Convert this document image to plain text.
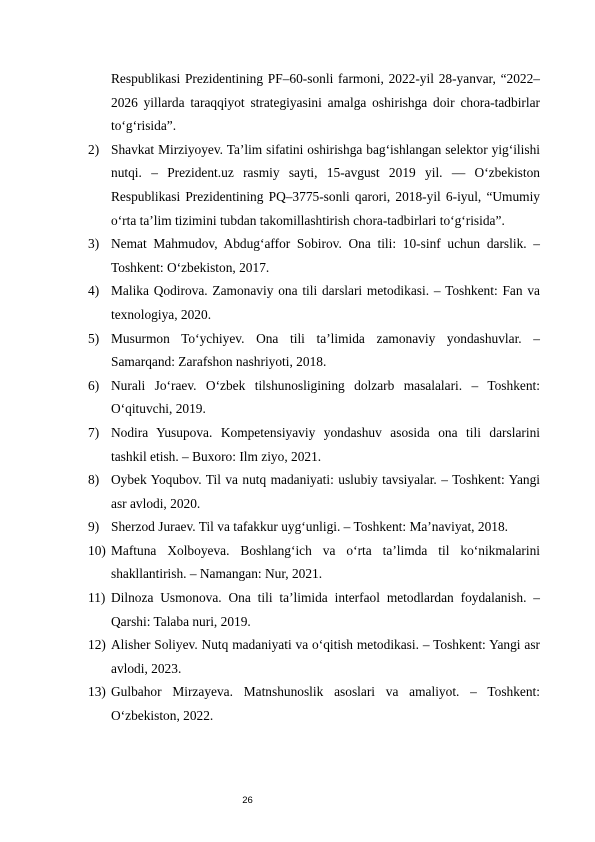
Respublikasi Prezidentining PF–60-sonli farmoni, 2022-yil 28-yanvar, “2022–2026 yillarda taraqqiyot strategiyasini amalga oshirishga doir chora-tadbirlar to‘g‘risida”.
2) Shavkat Mirziyoyev. Ta’lim sifatini oshirishga bag‘ishlangan selektor yig‘ilishi nutqi. – Prezident.uz rasmiy sayti, 15-avgust 2019 yil. — O‘zbekiston Respublikasi Prezidentining PQ–3775-sonli qarori, 2018-yil 6-iyul, “Umumiy o‘rta ta’lim tizimini tubdan takomillashtirish chora-tadbirlari to‘g‘risida”.
3) Nemat Mahmudov, Abdug‘affor Sobirov. Ona tili: 10-sinf uchun darslik. – Toshkent: O‘zbekiston, 2017.
4) Malika Qodirova. Zamonaviy ona tili darslari metodikasi. – Toshkent: Fan va texnologiya, 2020.
5) Musurmon To‘ychiyev. Ona tili ta’limida zamonaviy yondashuvlar. – Samarqand: Zarafshon nashriyoti, 2018.
6) Nurali Jo‘raev. O‘zbek tilshunosligining dolzarb masalalari. – Toshkent: O‘qituvchi, 2019.
7) Nodira Yusupova. Kompetensiyaviy yondashuv asosida ona tili darslarini tashkil etish. – Buxoro: Ilm ziyo, 2021.
8) Oybek Yoqubov. Til va nutq madaniyati: uslubiy tavsiyalar. – Toshkent: Yangi asr avlodi, 2020.
9) Sherzod Juraev. Til va tafakkur uyg‘unligi. – Toshkent: Ma’naviyat, 2018.
10) Maftuna Xolboyeva. Boshlang‘ich va o‘rta ta’limda til ko‘nikmalarini shakllantirish. – Namangan: Nur, 2021.
11) Dilnoza Usmonova. Ona tili ta’limida interfaol metodlardan foydalanish. – Qarshi: Talaba nuri, 2019.
12) Alisher Soliyev. Nutq madaniyati va o‘qitish metodikasi. – Toshkent: Yangi asr avlodi, 2023.
13) Gulbahor Mirzayeva. Matnshunoslik asoslari va amaliyot. – Toshkent: O‘zbekiston, 2022.
26
